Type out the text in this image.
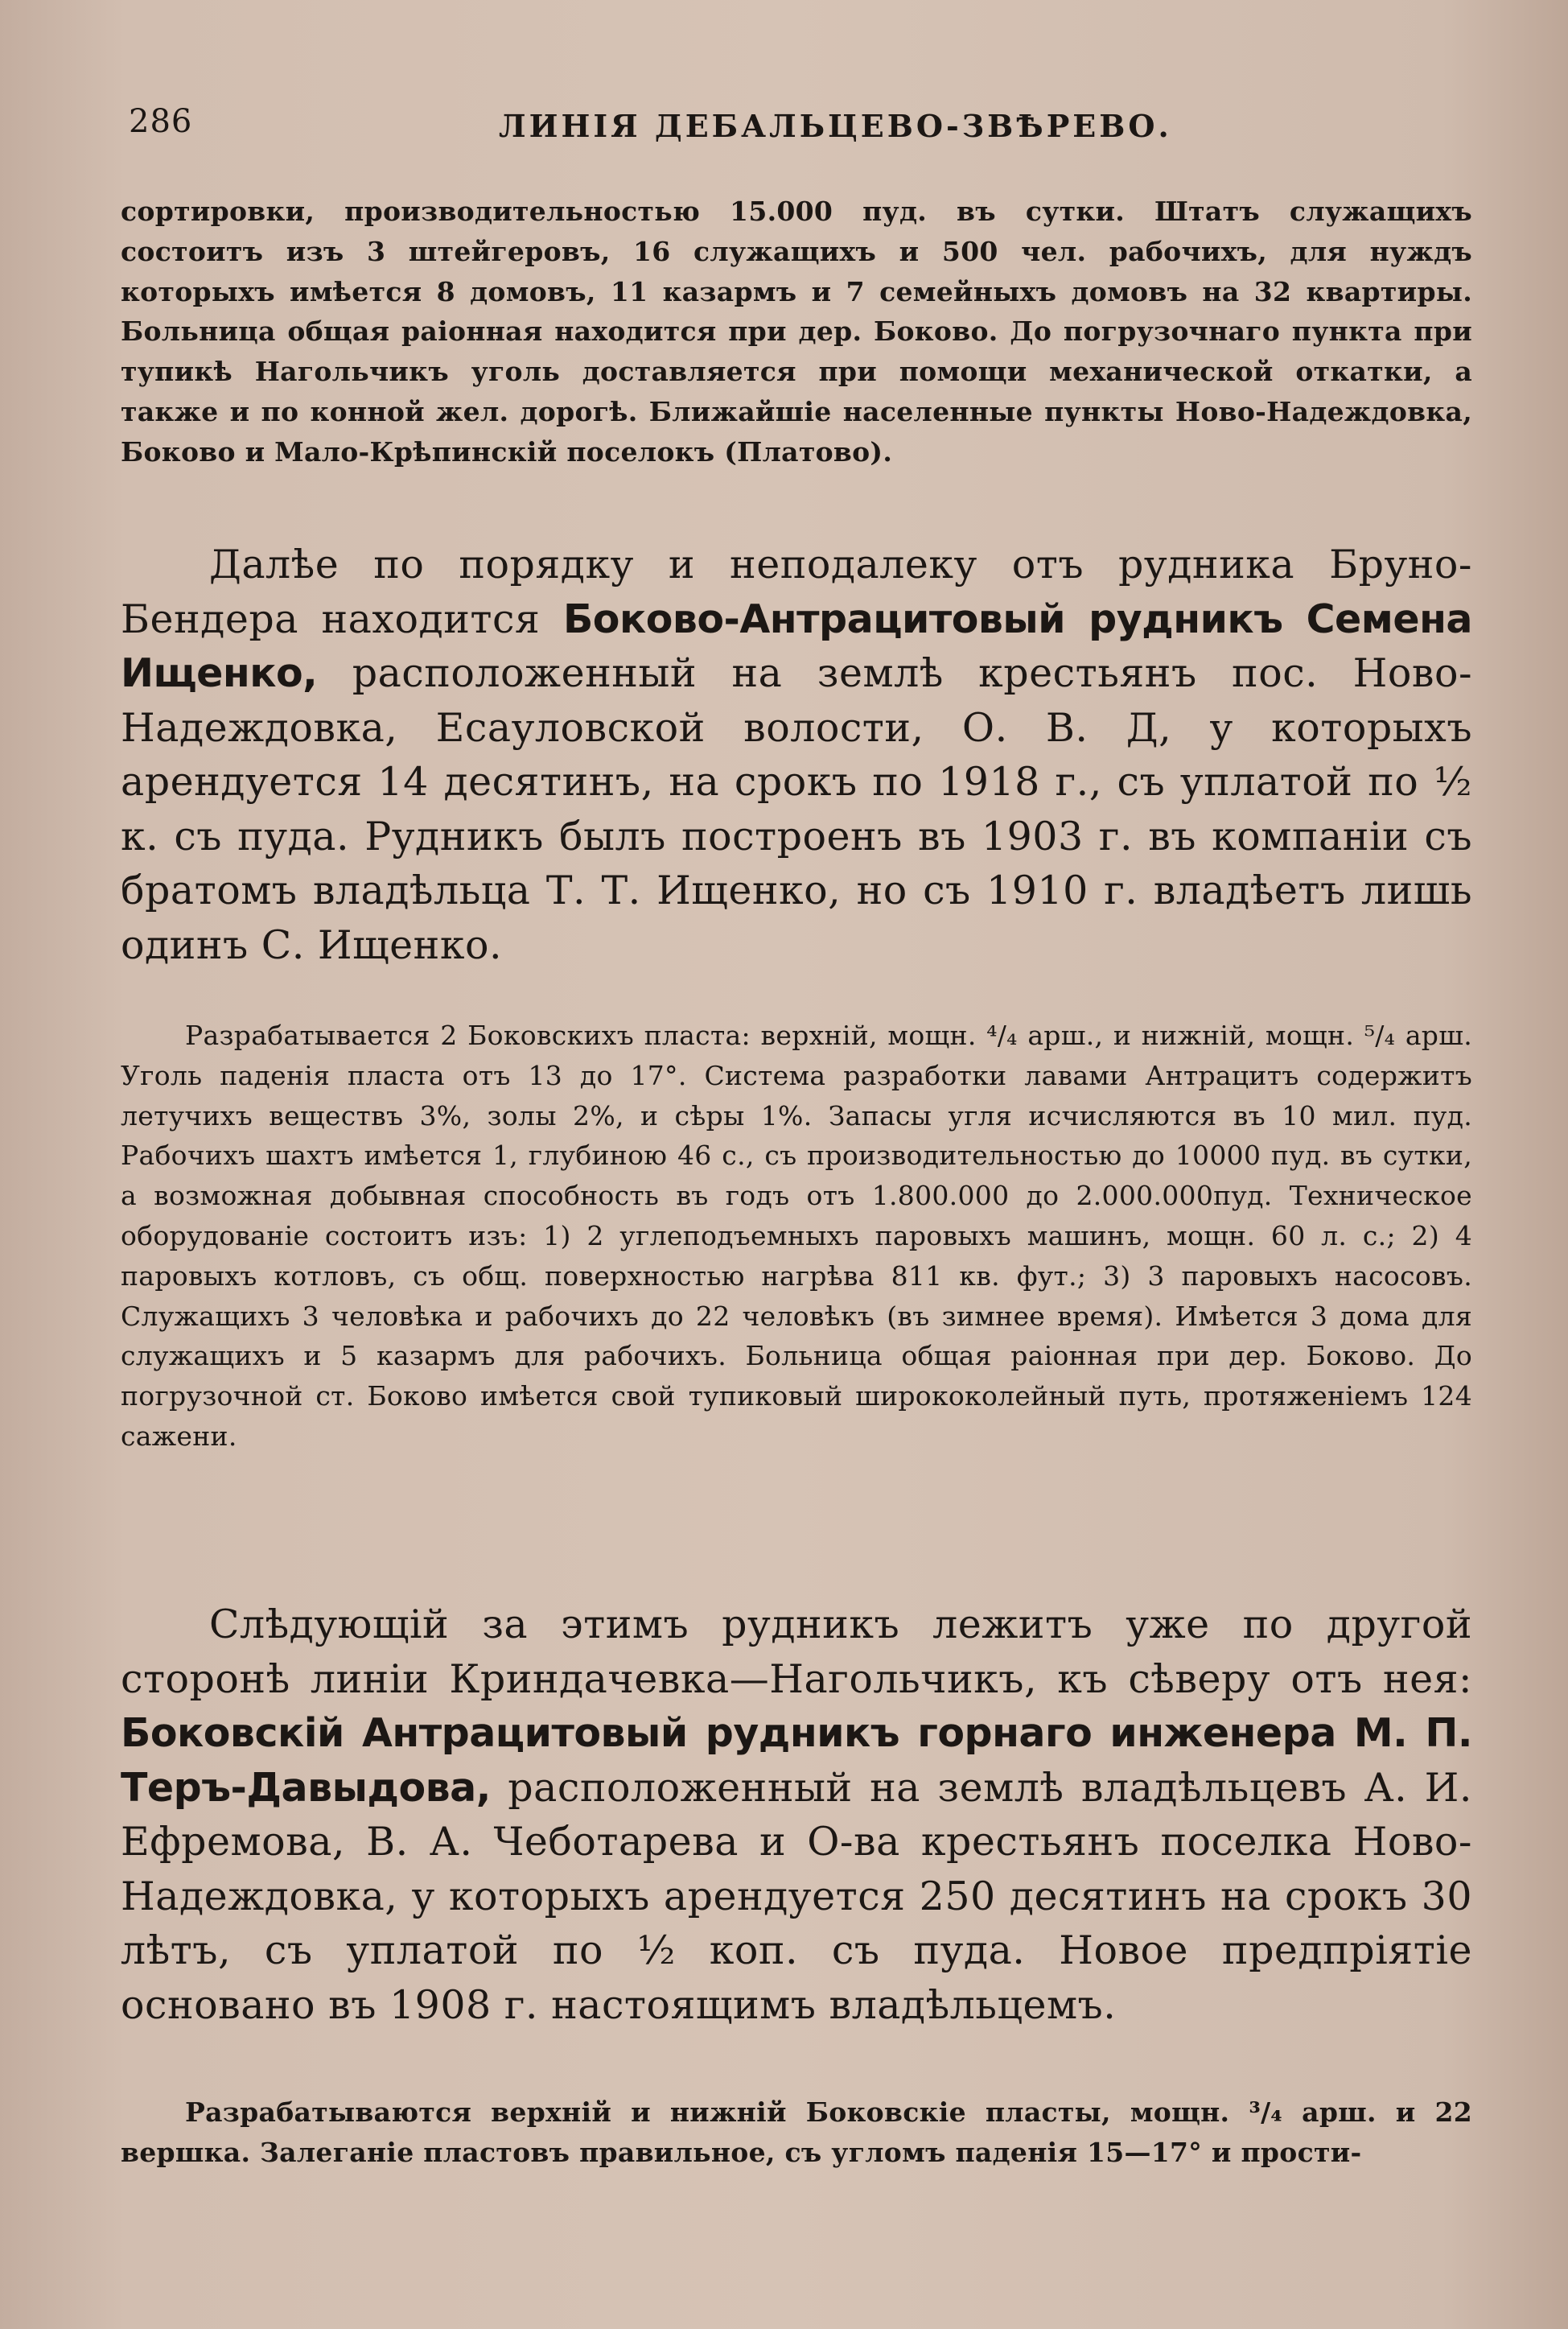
286	ЛИНІЯ ДЕБАЛЬЦЕВО-ЗВѢРЕВО.

сортировки, производительностью 15.000 пуд. въ сутки. Штатъ служащихъ состоитъ изъ 3 штейгеровъ, 16 служащихъ и 500 чел. рабочихъ, для нуждъ которыхъ имѣется 8 домовъ, 11 казармъ и 7 семейныхъ домовъ на 32 квартиры. Больница общая раіонная находится при дер. Боково. До погрузочнаго пункта при тупикѣ Нагольчикъ уголь доставляется при помощи механической откатки, а также и по конной жел. дорогѣ. Ближайшіе населенные пункты Ново-Надеждовка, Боково и Мало-Крѣпинскій поселокъ (Платово).

Далѣе по порядку и неподалеку отъ рудника Бруно-Бендера находится Боково-Антрацитовый рудникъ Семена Ищенко, расположенный на землѣ крестьянъ пос. Ново-Надеждовка, Есауловской волости, О. В. Д, у которыхъ арендуется 14 десятинъ, на срокъ по 1918 г., съ уплатой по ½ к. съ пуда. Рудникъ былъ построенъ въ 1903 г. въ компаніи съ братомъ владѣльца Т. Т. Ищенко, но съ 1910 г. владѣетъ лишь одинъ С. Ищенко.

Разрабатывается 2 Боковскихъ пласта: верхній, мощн. ⁴/₄ арш., и нижній, мощн. ⁵/₄ арш. Уголь паденія пласта отъ 13 до 17°. Система разработки лавами Антрацитъ содержитъ летучихъ веществъ 3%, золы 2%, и сѣры 1%. Запасы угля исчисляются въ 10 мил. пуд. Рабочихъ шахтъ имѣется 1, глубиною 46 с., съ производительностью до 10000 пуд. въ сутки, а возможная добывная способность въ годъ отъ 1.800.000 до 2.000.000пуд. Техническое оборудованіе состоитъ изъ: 1) 2 углеподъемныхъ паровыхъ машинъ, мощн. 60 л. с.; 2) 4 паровыхъ котловъ, съ общ. поверхностью нагрѣва 811 кв. фут.; 3) 3 паровыхъ насосовъ. Служащихъ 3 человѣка и рабочихъ до 22 человѣкъ (въ зимнее время). Имѣется 3 дома для служащихъ и 5 казармъ для рабочихъ. Больница общая раіонная при дер. Боково. До погрузочной ст. Боково имѣется свой тупиковый ширококолейный путь, протяженіемъ 124 сажени.

Слѣдующій за этимъ рудникъ лежитъ уже по другой сторонѣ линіи Криндачевка—Нагольчикъ, къ сѣверу отъ нея: Боковскій Антрацитовый рудникъ горнаго инженера М. П. Теръ-Давыдова, расположенный на землѣ владѣльцевъ А. И. Ефремова, В. А. Чеботарева и О-ва крестьянъ поселка Ново-Надеждовка, у которыхъ арендуется 250 десятинъ на срокъ 30 лѣтъ, съ уплатой по ½ коп. съ пуда. Новое предпріятіе основано въ 1908 г. настоящимъ владѣльцемъ.

Разрабатываются верхній и нижній Боковскіе пласты, мощн. ³/₄ арш. и 22 вершка. Залеганіе пластовъ правильное, съ угломъ паденія 15—17° и прости-
